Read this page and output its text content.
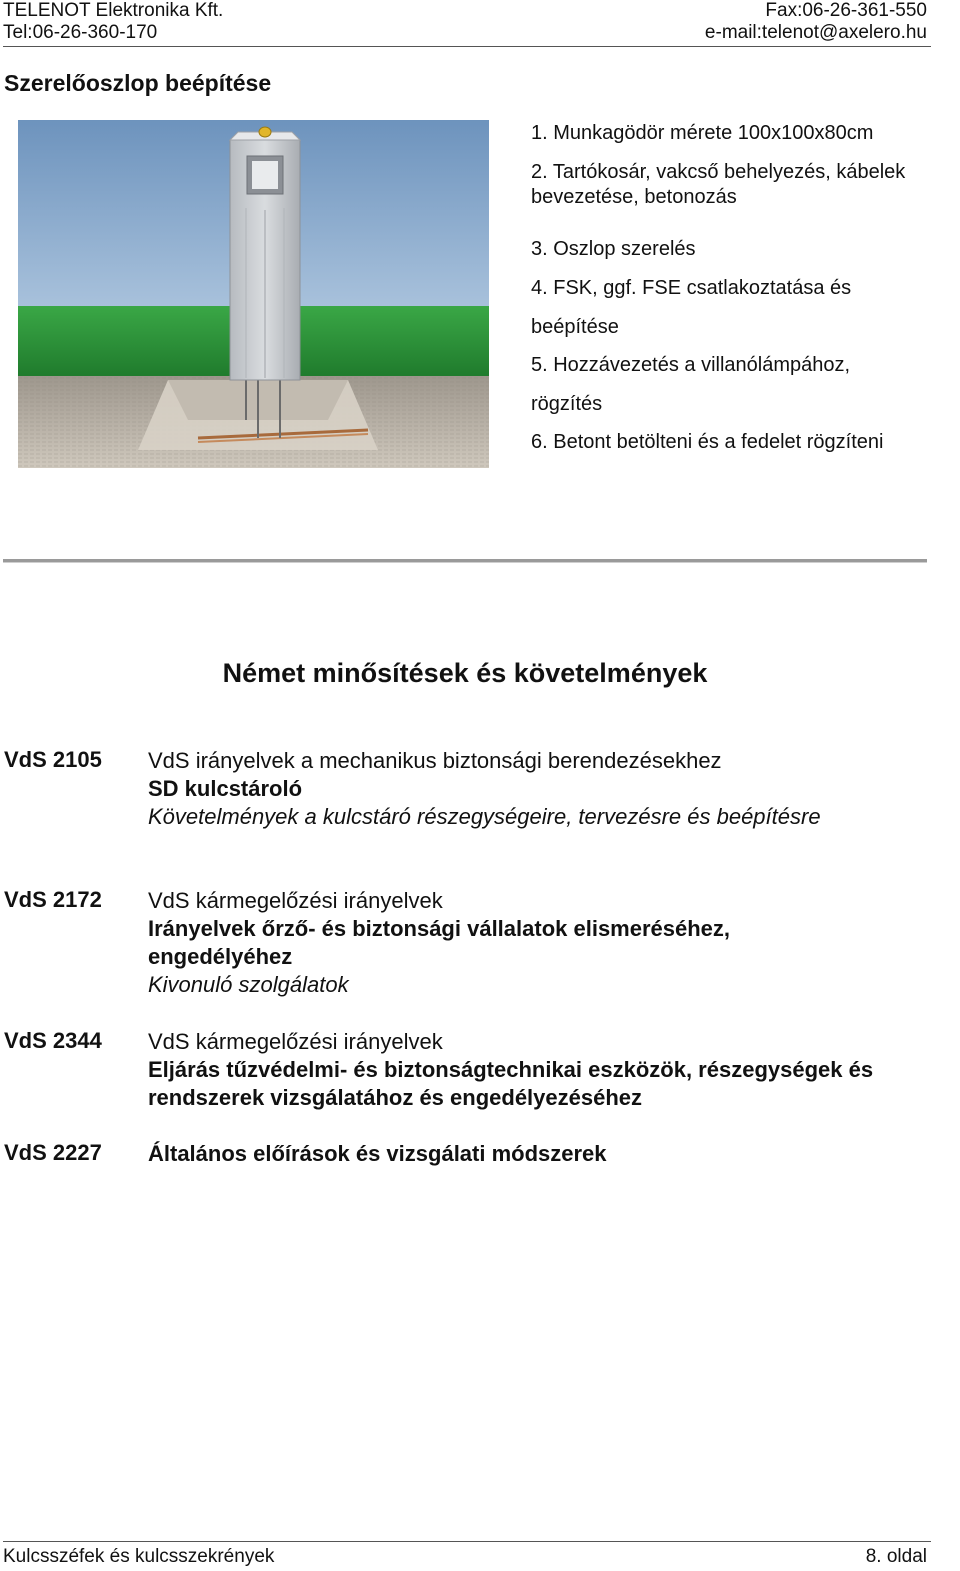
TELENOT Elektronika Kft.	Fax:06-26-361-550
Tel:06-26-360-170	e-mail:telenot@axelero.hu
Szerelőoszlop beépítése
1. Munkagödör mérete 100x100x80cm
2. Tartókosár, vakcső behelyezés, kábelek
bevezetése, betonozás
3. Oszlop szerelés
4. FSK, ggf. FSE csatlakoztatása és
beépítése
5. Hozzávezetés a villanólámpához,
rögzítés
6. Betont betölteni és a fedelet rögzíteni
Német minősítések és követelmények
VdS 2105 VdS irányelvek a mechanikus biztonsági berendezésekhez
SD kulcstároló
Követelmények a kulcstáró részegységeire, tervezésre és beépítésre
VdS 2172 VdS kármegelőzési irányelvek
Irányelvek őrző- és biztonsági vállalatok elismeréséhez, engedélyéhez
Kivonuló szolgálatok
VdS 2344 VdS kármegelőzési irányelvek
Eljárás tűzvédelmi- és biztonságtechnikai eszközök, részegységek és rendszerek vizsgálatához és engedélyezéséhez
VdS 2227 Általános előírások és vizsgálati módszerek
Kulcsszéfek és kulcsszekrények	8. oldal
